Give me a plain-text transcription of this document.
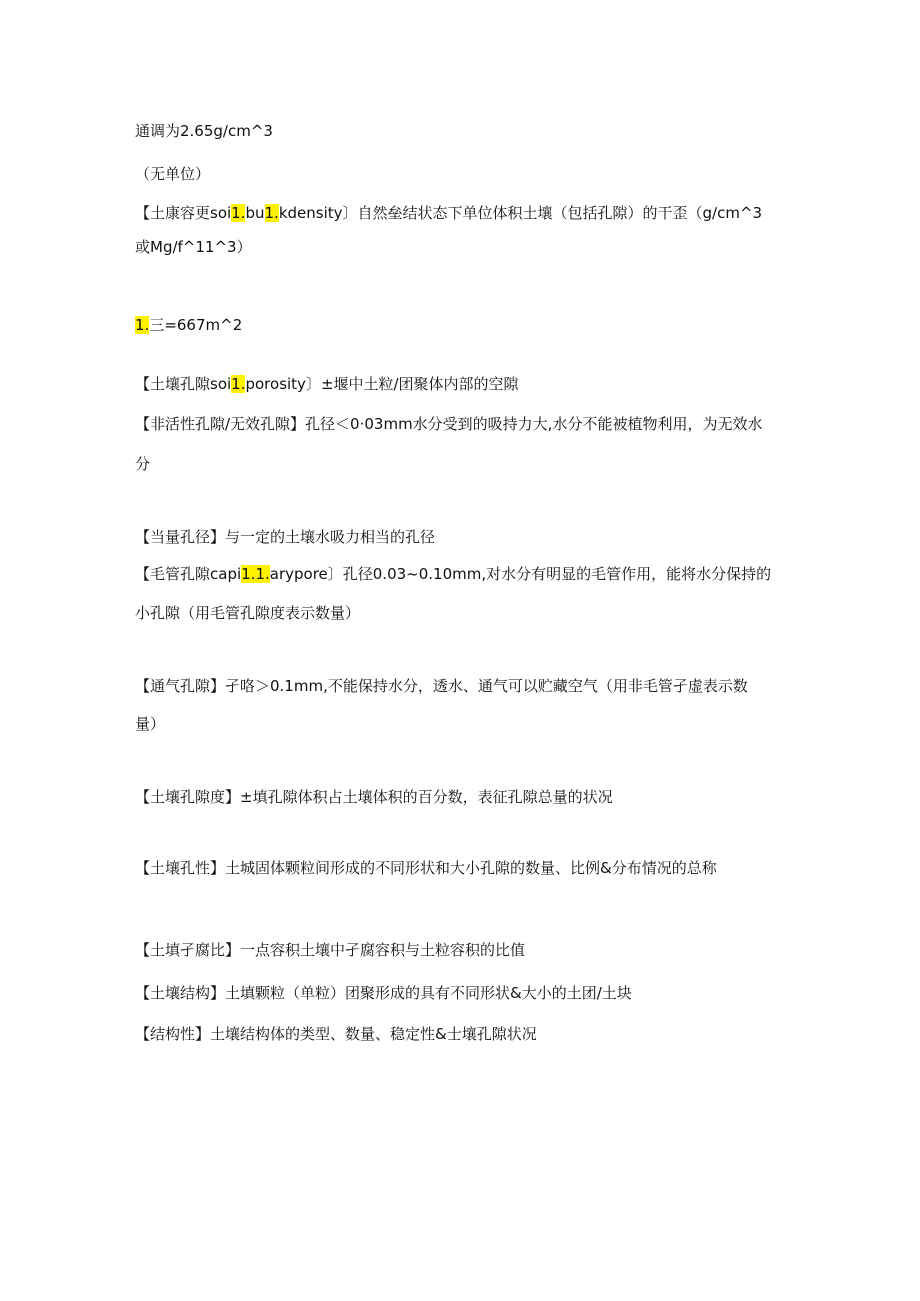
通调为2.65g∕cm^3
（无单位）
【土康容更soi1.bu1.kdensity〕自然垒结状态下单位体积土壤（包括孔隙）的干歪（g∕cm^3
或Mg∕f^11^3）
1.三=667m^2
【土壤孔隙soi1.porosity〕±堰中土粒/团聚体内部的空隙
【非活性孔隙/无效孔隙】孔径＜0·03mm水分受到的吸持力大,水分不能被植物利用，为无效水
分
【当量孔径】与一定的土壤水吸力相当的孔径
【毛管孔隙capi1.1.arypore〕孔径0.03~0.10mm,对水分有明显的毛管作用，能将水分保持的
小孔隙（用毛管孔隙度表示数量）
【通气孔隙】孑咯＞0.1mm,不能保持水分，透水、通气可以贮藏空气（用非毛管孑虚表示数
量）
【土壤孔隙度】±填孔隙体积占土壤体积的百分数，表征孔隙总量的状况
【土壤孔性】土城固体颗粒间形成的不同形状和大小孔隙的数量、比例&分布情况的总称
【土填孑腐比】一点容积土壤中孑腐容积与土粒容积的比值
【土壤结构】土填颗粒（单粒）团聚形成的具有不同形状&大小的土团/土块
【结构性】土壤结构体的类型、数量、稳定性&士壤孔隙状况
